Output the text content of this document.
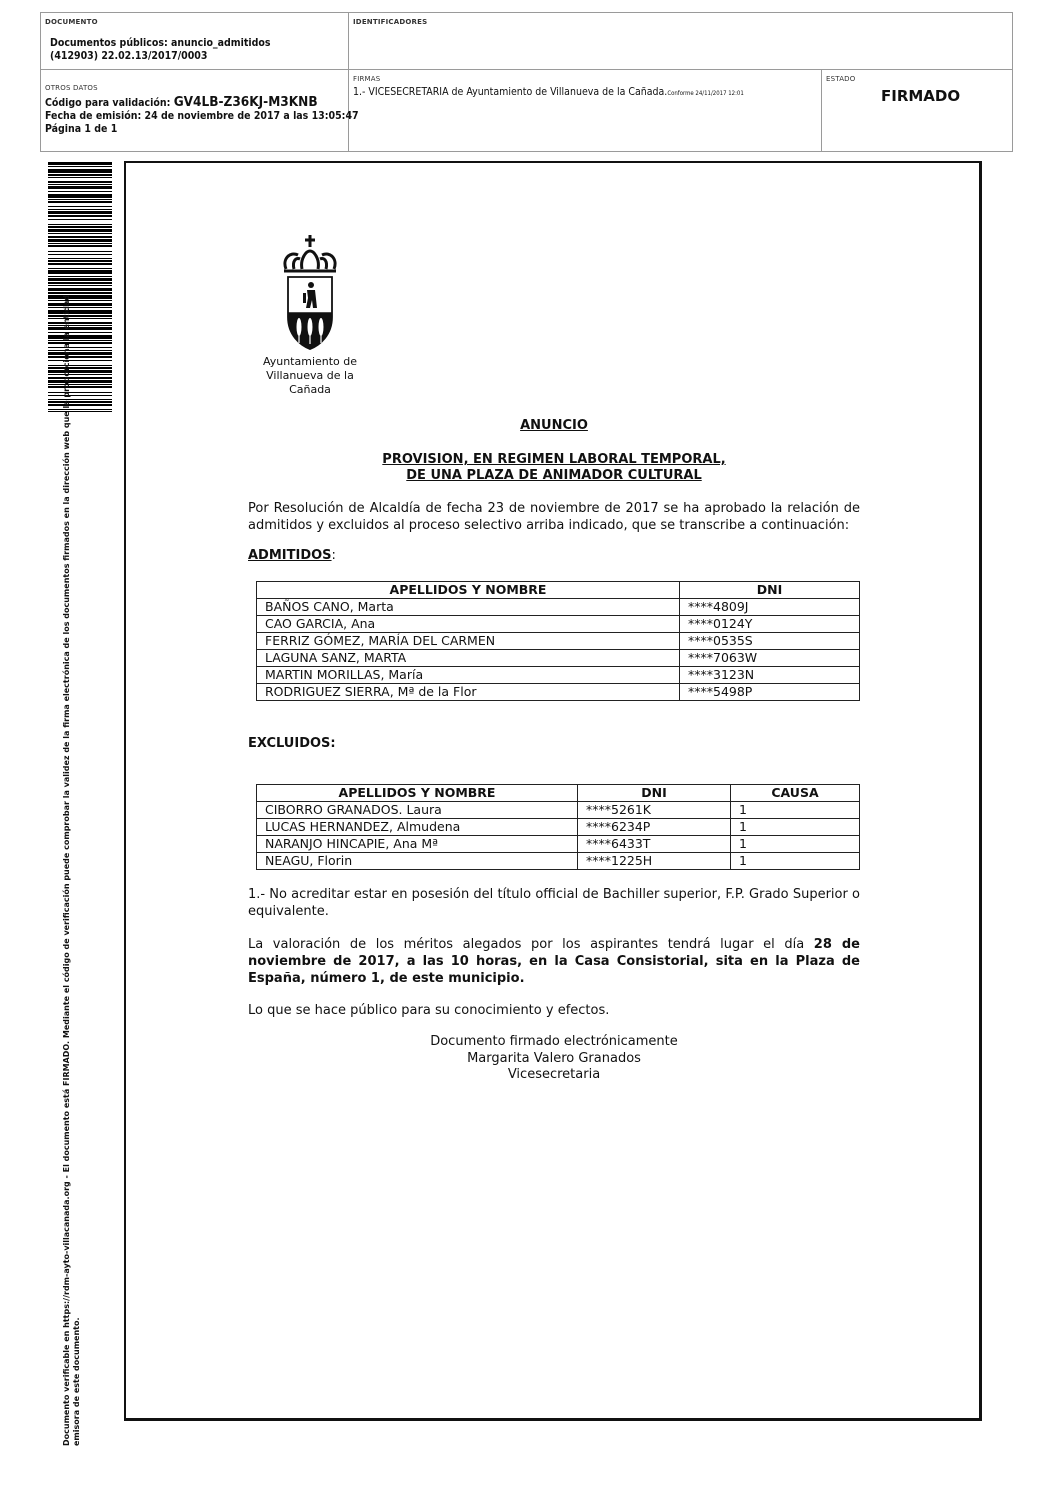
DOCUMENTO
Documentos públicos: anuncio_admitidos
(412903) 22.02.13/2017/0003
IDENTIFICADORES
OTROS DATOS
Código para validación: GV4LB-Z36KJ-M3KNB
Fecha de emisión: 24 de noviembre de 2017 a las 13:05:47
Página 1 de 1
FIRMAS
1.- VICESECRETARIA de Ayuntamiento de Villanueva de la Cañada.Conforme 24/11/2017 12:01
ESTADO
FIRMADO
Documento verificable en https://rdm-ayto-villacanada.org - El documento está FIRMADO. Mediante el código de verificación puede comprobar la validez de la firma electrónica de los documentos firmados en la dirección web que le proporciona la entidad emisora de este documento.
Ayuntamiento de
Villanueva de la Cañada
ANUNCIO
PROVISION, EN REGIMEN LABORAL TEMPORAL,
DE UNA PLAZA DE ANIMADOR CULTURAL
Por Resolución de Alcaldía de fecha 23 de noviembre de 2017 se ha aprobado la relación de admitidos y excluidos al proceso selectivo arriba indicado, que se transcribe a continuación:
ADMITIDOS:
APELLIDOS Y NOMBRE	DNI
BAÑOS CANO, Marta	****4809J
CAO GARCIA, Ana	****0124Y
FERRIZ GÓMEZ, MARÍA DEL CARMEN	****0535S
LAGUNA SANZ, MARTA	****7063W
MARTIN MORILLAS, María	****3123N
RODRIGUEZ SIERRA, Mª de la Flor	****5498P
EXCLUIDOS:
APELLIDOS Y NOMBRE	DNI	CAUSA
CIBORRO GRANADOS. Laura	****5261K	1
LUCAS HERNANDEZ, Almudena	****6234P	1
NARANJO HINCAPIE, Ana Mª	****6433T	1
NEAGU, Florin	****1225H	1
1.- No acreditar estar en posesión del título official de Bachiller superior, F.P. Grado Superior o equivalente.
La valoración de los méritos alegados por los aspirantes tendrá lugar el día 28 de noviembre de 2017, a las 10 horas, en la Casa Consistorial, sita en la Plaza de España, número 1, de este municipio.
Lo que se hace público para su conocimiento y efectos.
Documento firmado electrónicamente
Margarita Valero Granados
Vicesecretaria
